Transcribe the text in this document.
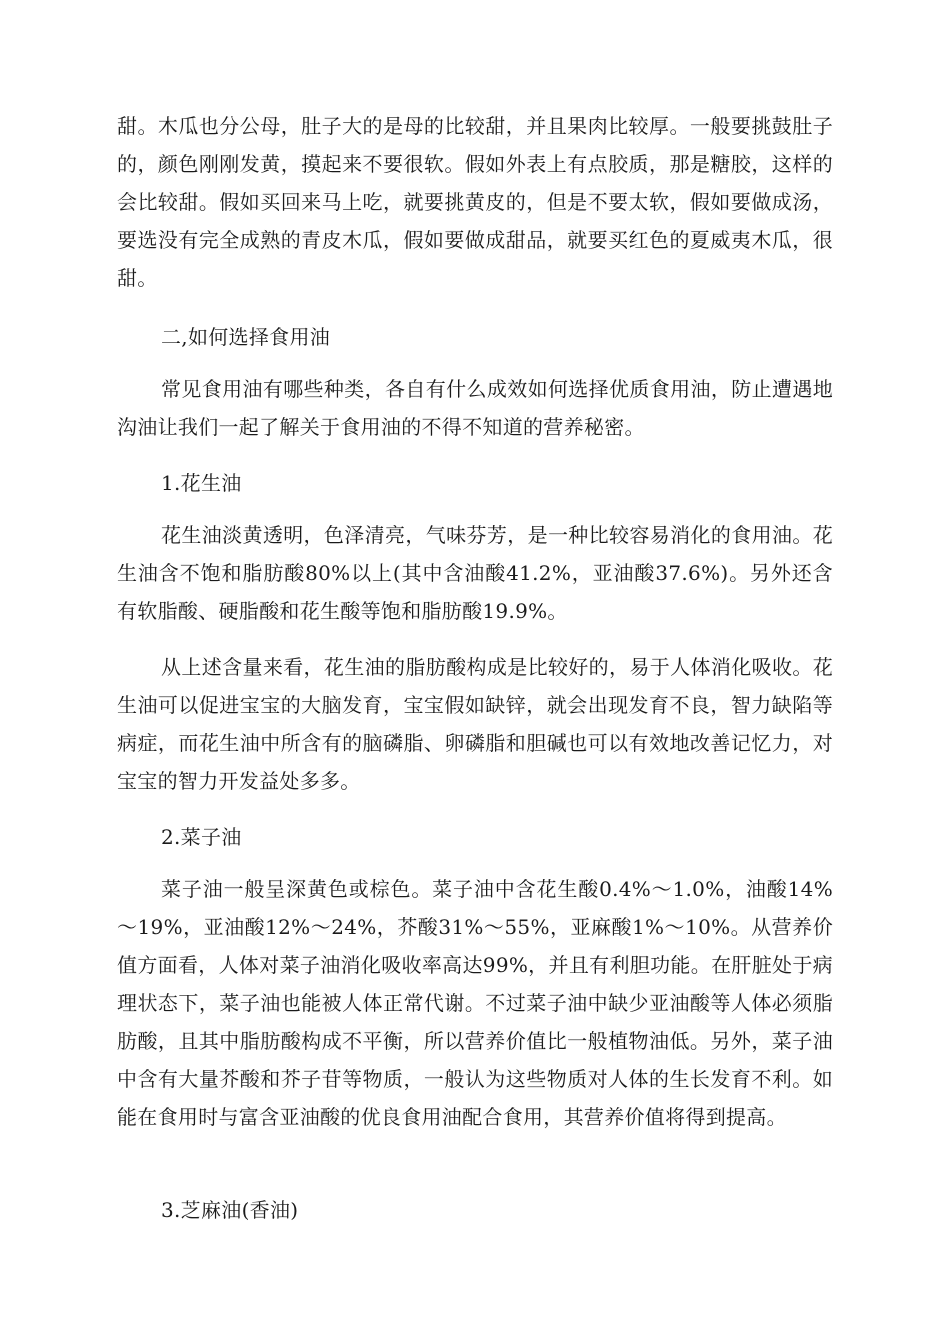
甜。木瓜也分公母，肚子大的是母的比较甜，并且果肉比较厚。一般要挑鼓肚子的，颜色刚刚发黄，摸起来不要很软。假如外表上有点胶质，那是糖胶，这样的会比较甜。假如买回来马上吃，就要挑黄皮的，但是不要太软，假如要做成汤，要选没有完全成熟的青皮木瓜，假如要做成甜品，就要买红色的夏威夷木瓜，很甜。

二,如何选择食用油

常见食用油有哪些种类，各自有什么成效如何选择优质食用油，防止遭遇地沟油让我们一起了解关于食用油的不得不知道的营养秘密。

1.花生油

花生油淡黄透明，色泽清亮，气味芬芳，是一种比较容易消化的食用油。花生油含不饱和脂肪酸80%以上(其中含油酸41.2%，亚油酸37.6%)。另外还含有软脂酸、硬脂酸和花生酸等饱和脂肪酸19.9%。

从上述含量来看，花生油的脂肪酸构成是比较好的，易于人体消化吸收。花生油可以促进宝宝的大脑发育，宝宝假如缺锌，就会出现发育不良，智力缺陷等病症，而花生油中所含有的脑磷脂、卵磷脂和胆碱也可以有效地改善记忆力，对宝宝的智力开发益处多多。

2.菜子油

菜子油一般呈深黄色或棕色。菜子油中含花生酸0.4%～1.0%，油酸14%～19%，亚油酸12%～24%，芥酸31%～55%，亚麻酸1%～10%。从营养价值方面看，人体对菜子油消化吸收率高达99%，并且有利胆功能。在肝脏处于病理状态下，菜子油也能被人体正常代谢。不过菜子油中缺少亚油酸等人体必须脂肪酸，且其中脂肪酸构成不平衡，所以营养价值比一般植物油低。另外，菜子油中含有大量芥酸和芥子苷等物质，一般认为这些物质对人体的生长发育不利。如能在食用时与富含亚油酸的优良食用油配合食用，其营养价值将得到提高。

3.芝麻油(香油)
